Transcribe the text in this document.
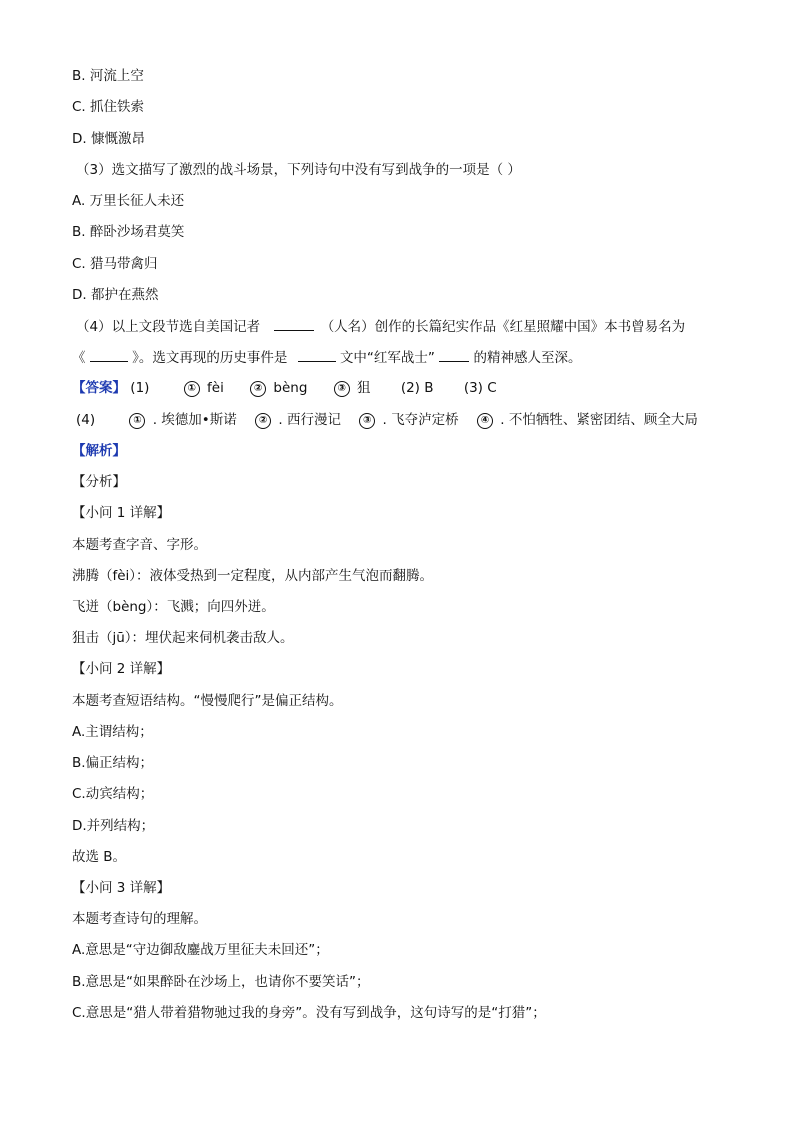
B. 河流上空
C. 抓住铁索
D. 慷慨激昂
（3）选文描写了激烈的战斗场景，下列诗句中没有写到战争的一项是（ ）
A. 万里长征人未还
B. 醉卧沙场君莫笑
C. 猎马带禽归
D. 都护在燕然
（4）以上文段节选自美国记者	（人名）创作的长篇纪实作品《红星照耀中国》本书曾易名为
《	》。选文再现的历史事件是	文中“红军战士”	的精神感人至深。
【答案】 (1)	① fèi	② bèng	③ 狙 (2) B (3) C
(4)	① . 埃德加•斯诺 ② . 西行漫记 ③ . 飞夺泸定桥 ④ . 不怕牺牲、紧密团结、顾全大局
【解析】
【分析】
【小问 1 详解】
本题考查字音、字形。
沸腾（fèi）：液体受热到一定程度，从内部产生气泡而翻腾。
飞迸（bèng）：飞溅；向四外迸。
狙击（jū）：埋伏起来伺机袭击敌人。
【小问 2 详解】
本题考查短语结构。“慢慢爬行”是偏正结构。
A.主谓结构；
B.偏正结构；
C.动宾结构；
D.并列结构；
故选 B。
【小问 3 详解】
本题考查诗句的理解。
A.意思是“守边御敌鏖战万里征夫未回还”；
B.意思是“如果醉卧在沙场上，也请你不要笑话”；
C.意思是“猎人带着猎物驰过我的身旁”。没有写到战争，这句诗写的是“打猎”；
